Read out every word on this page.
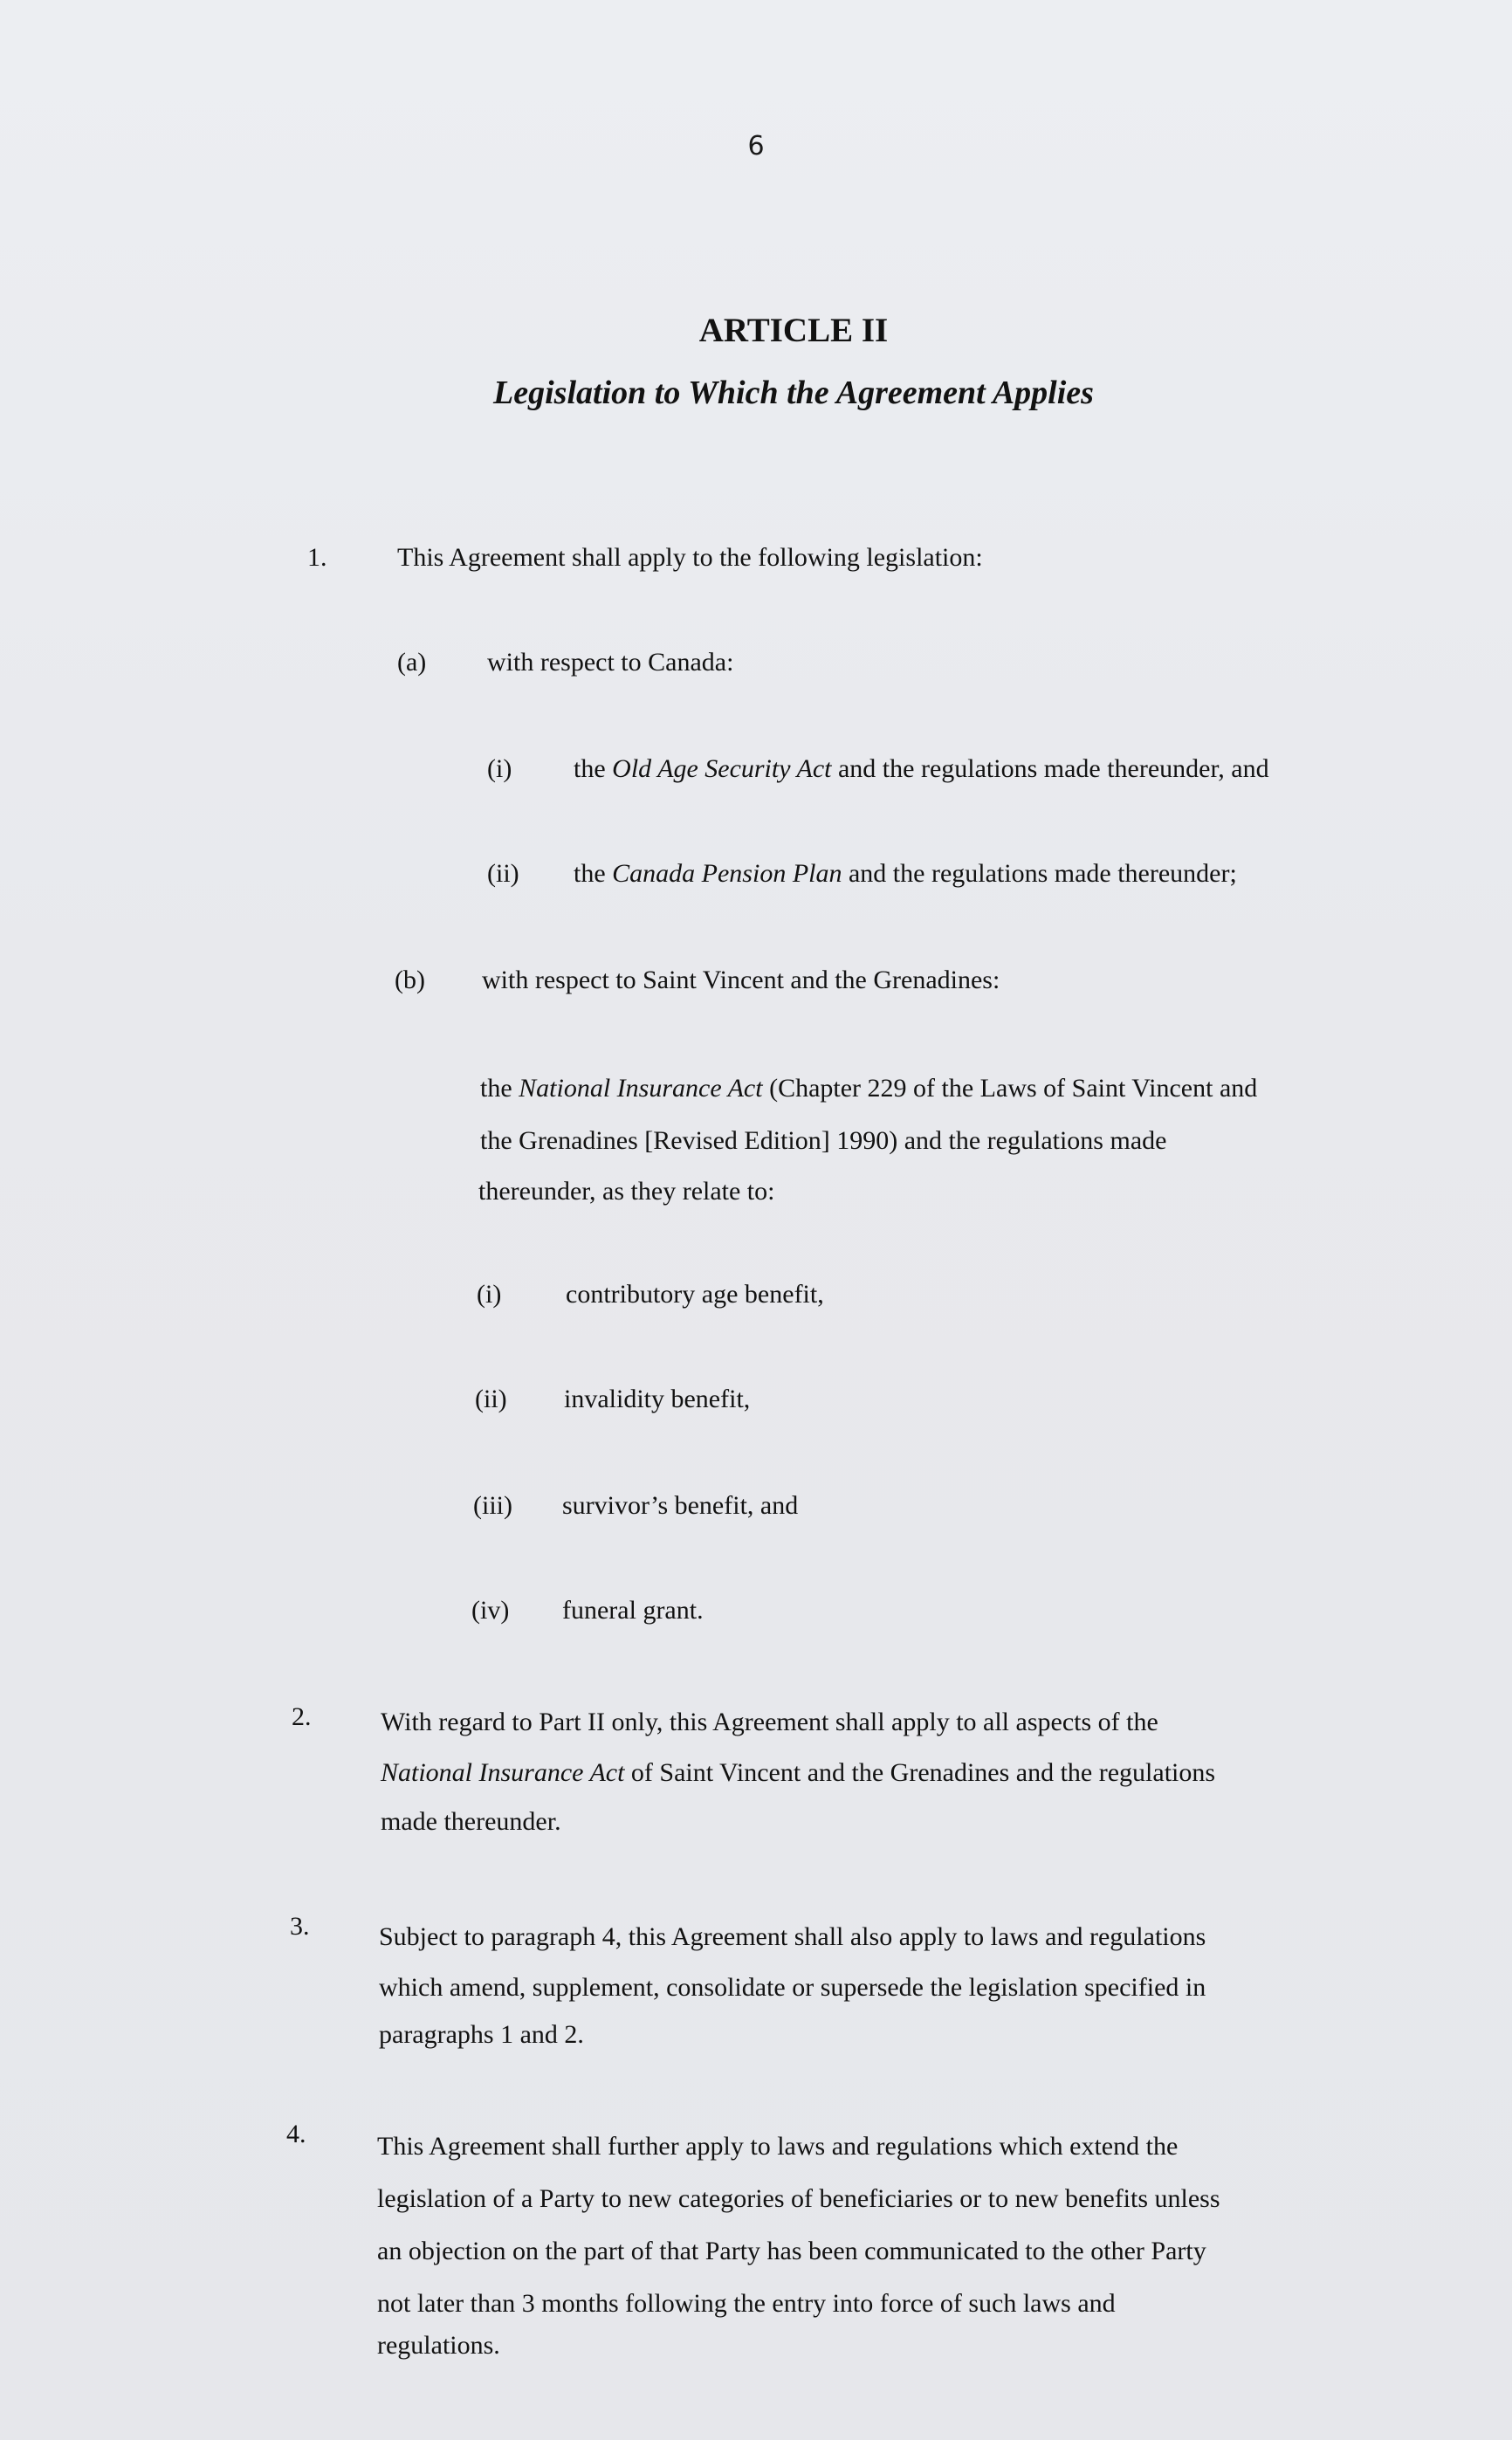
6
ARTICLE II
Legislation to Which the Agreement Applies
1.	This Agreement shall apply to the following legislation:
(a) with respect to Canada:
(i) the Old Age Security Act and the regulations made thereunder, and
(ii) the Canada Pension Plan and the regulations made thereunder;
(b) with respect to Saint Vincent and the Grenadines:
the National Insurance Act (Chapter 229 of the Laws of Saint Vincent and
the Grenadines [Revised Edition] 1990) and the regulations made
thereunder, as they relate to:
(i) contributory age benefit,
(ii) invalidity benefit,
(iii) survivor’s benefit, and
(iv) funeral grant.
2.	With regard to Part II only, this Agreement shall apply to all aspects of the
National Insurance Act of Saint Vincent and the Grenadines and the regulations
made thereunder.
3.	Subject to paragraph 4, this Agreement shall also apply to laws and regulations
which amend, supplement, consolidate or supersede the legislation specified in
paragraphs 1 and 2.
4.	This Agreement shall further apply to laws and regulations which extend the
legislation of a Party to new categories of beneficiaries or to new benefits unless
an objection on the part of that Party has been communicated to the other Party
not later than 3 months following the entry into force of such laws and
regulations.
